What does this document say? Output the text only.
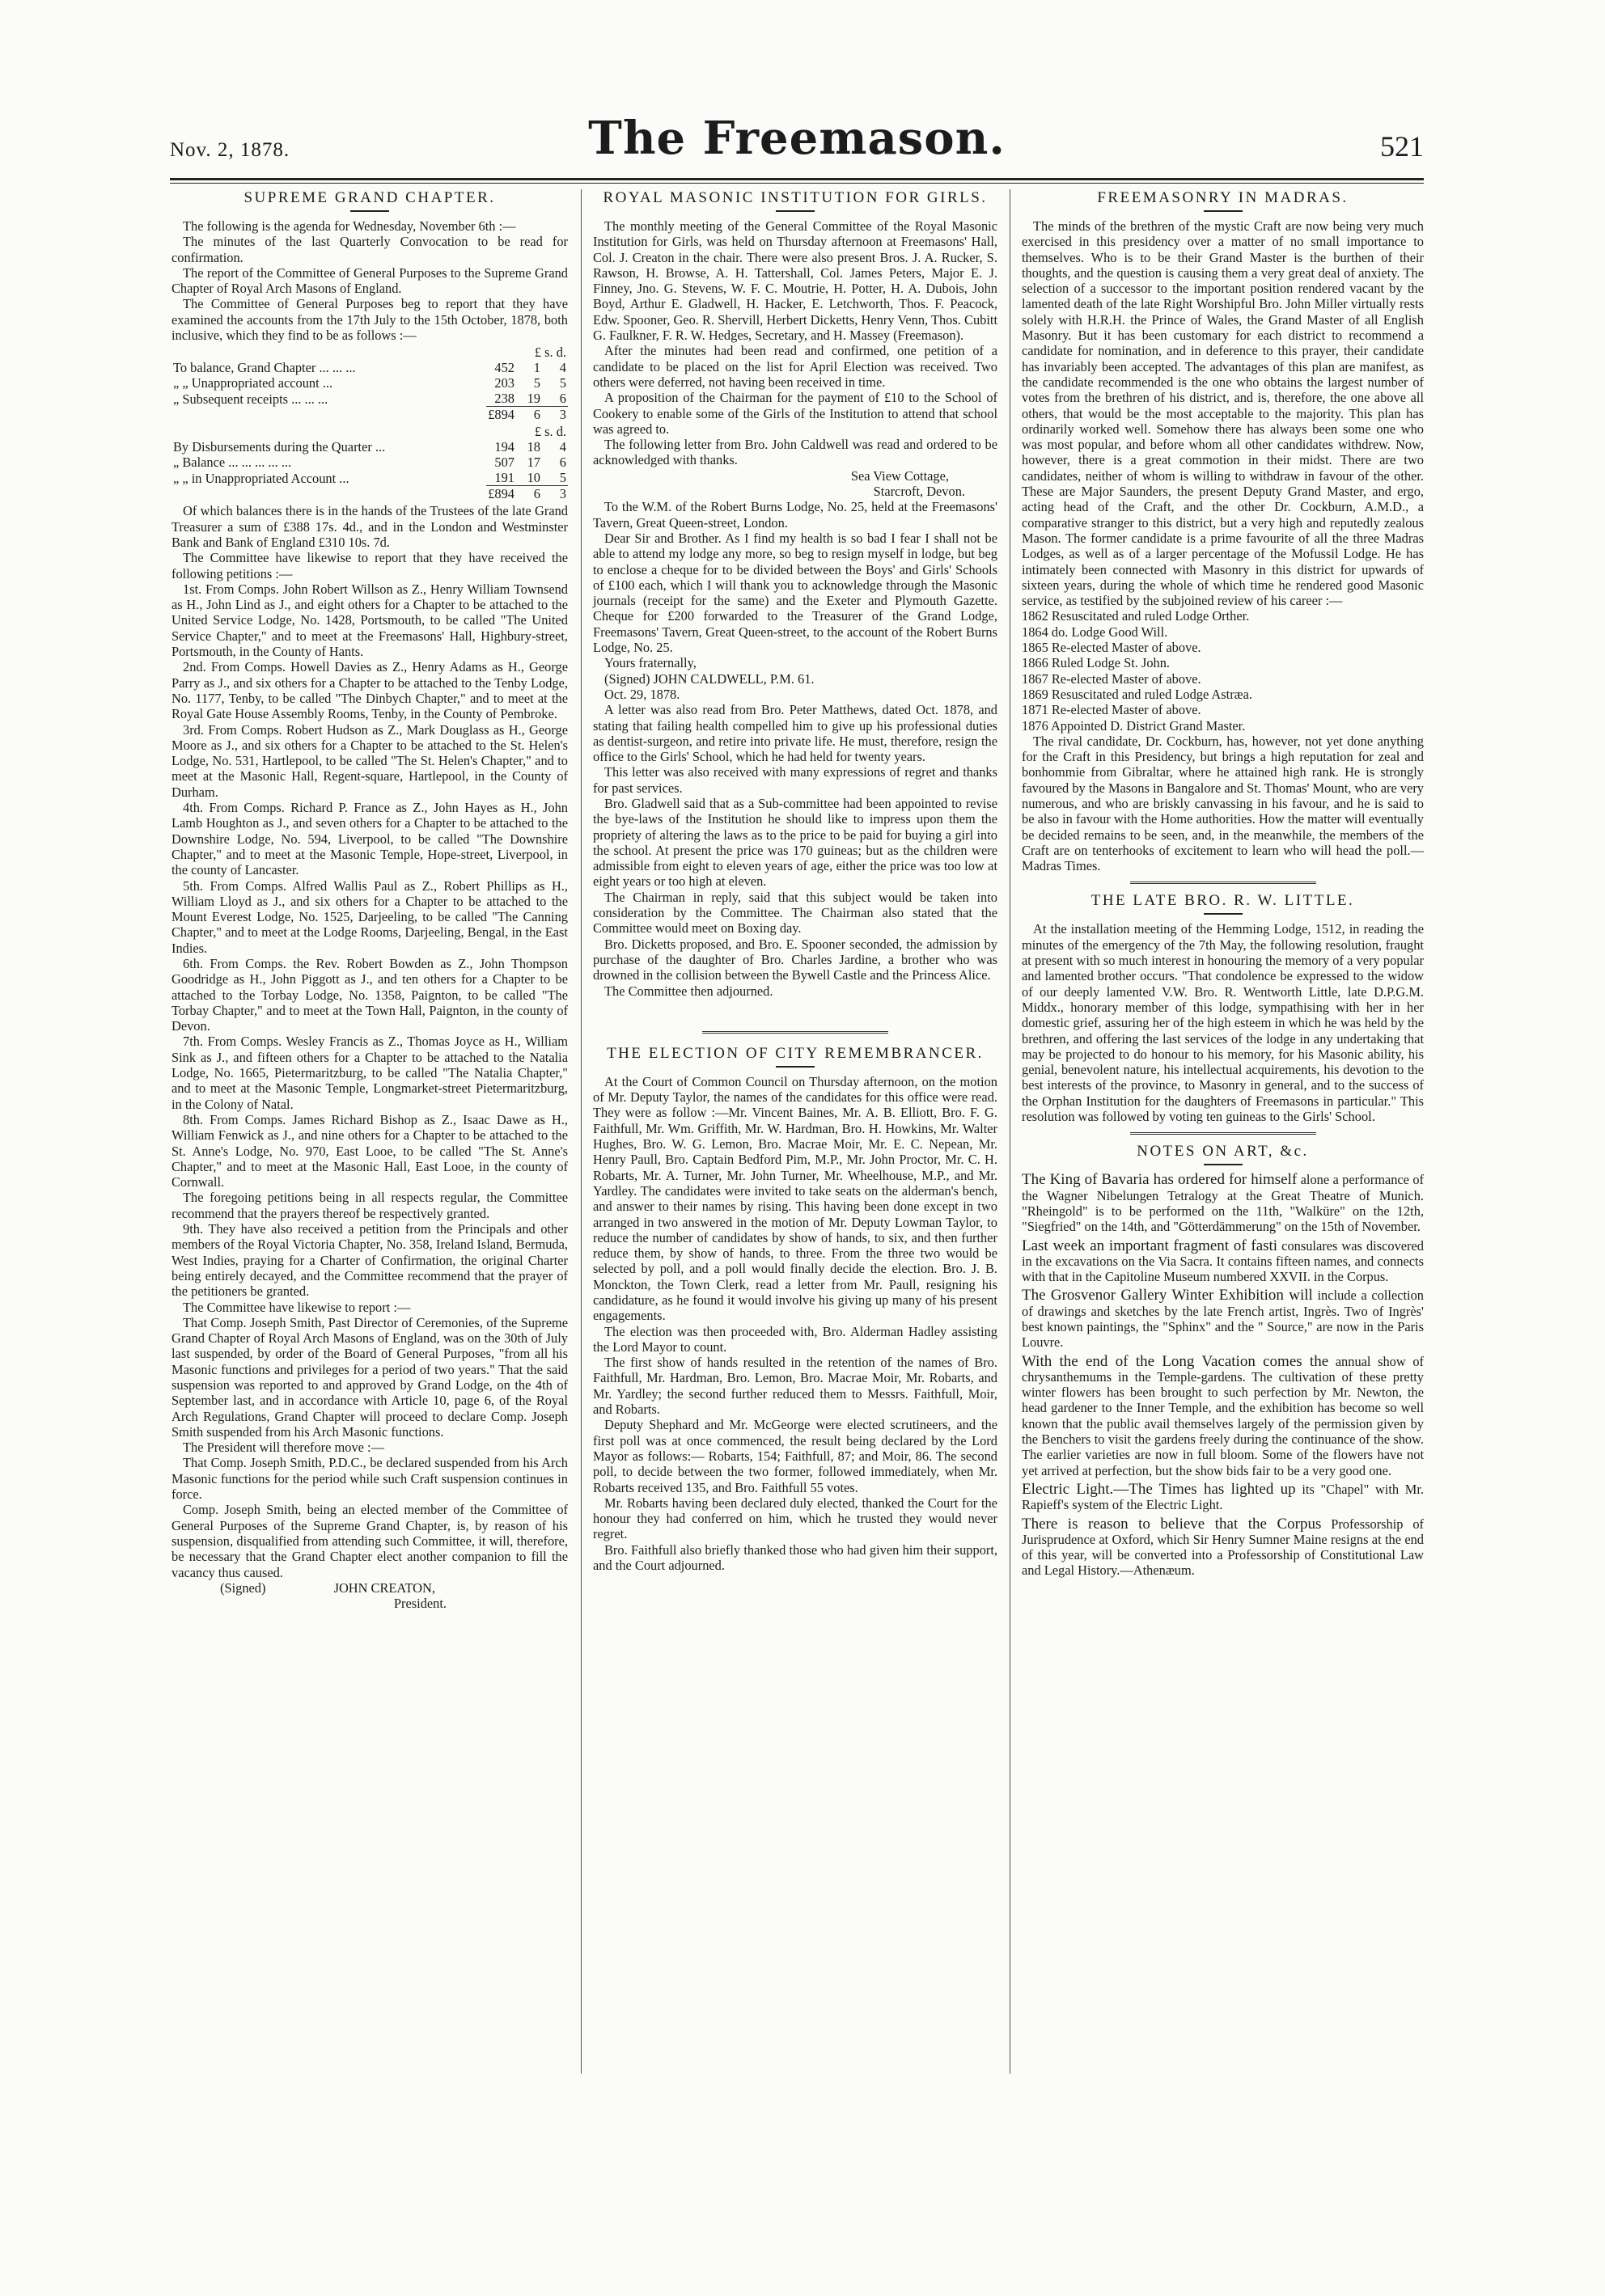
Nov. 2, 1878.	The Freemason.	521
SUPREME GRAND CHAPTER.

The following is the agenda for Wednesday, November 6th :—

The minutes of the last Quarterly Convocation to be read for confirmation.

The report of the Committee of General Purposes to the Supreme Grand Chapter of Royal Arch Masons of England.

The Committee of General Purposes beg to report that they have examined the accounts from the 17th July to the 15th October, 1878, both inclusive, which they find to be as follows :—

	£ s. d.		
To balance, Grand Chapter ... ... ...	452	1	4
„ „ Unappropriated account ...	203	5	5
„ Subsequent receipts ... ... ...	238	19	6
	£894	6	3
	£ s. d.		
By Disbursements during the Quarter ...	194	18	4
„ Balance ... ... ... ... ...	507	17	6
„ „ in Unappropriated Account ...	191	10	5
	£894	6	3

Of which balances there is in the hands of the Trustees of the late Grand Treasurer a sum of £388 17s. 4d., and in the London and Westminster Bank and Bank of England £310 10s. 7d.

The Committee have likewise to report that they have received the following petitions :—

1st. From Comps. John Robert Willson as Z., Henry William Townsend as H., John Lind as J., and eight others for a Chapter to be attached to the United Service Lodge, No. 1428, Portsmouth, to be called "The United Service Chapter," and to meet at the Freemasons' Hall, Highbury-street, Portsmouth, in the County of Hants.

2nd. From Comps. Howell Davies as Z., Henry Adams as H., George Parry as J., and six others for a Chapter to be attached to the Tenby Lodge, No. 1177, Tenby, to be called "The Dinbych Chapter," and to meet at the Royal Gate House Assembly Rooms, Tenby, in the County of Pembroke.

3rd. From Comps. Robert Hudson as Z., Mark Douglass as H., George Moore as J., and six others for a Chapter to be attached to the St. Helen's Lodge, No. 531, Hartlepool, to be called "The St. Helen's Chapter," and to meet at the Masonic Hall, Regent-square, Hartlepool, in the County of Durham.

4th. From Comps. Richard P. France as Z., John Hayes as H., John Lamb Houghton as J., and seven others for a Chapter to be attached to the Downshire Lodge, No. 594, Liverpool, to be called "The Downshire Chapter," and to meet at the Masonic Temple, Hope-street, Liverpool, in the county of Lancaster.

5th. From Comps. Alfred Wallis Paul as Z., Robert Phillips as H., William Lloyd as J., and six others for a Chapter to be attached to the Mount Everest Lodge, No. 1525, Darjeeling, to be called "The Canning Chapter," and to meet at the Lodge Rooms, Darjeeling, Bengal, in the East Indies.

6th. From Comps. the Rev. Robert Bowden as Z., John Thompson Goodridge as H., John Piggott as J., and ten others for a Chapter to be attached to the Torbay Lodge, No. 1358, Paignton, to be called "The Torbay Chapter," and to meet at the Town Hall, Paignton, in the county of Devon.

7th. From Comps. Wesley Francis as Z., Thomas Joyce as H., William Sink as J., and fifteen others for a Chapter to be attached to the Natalia Lodge, No. 1665, Pietermaritzburg, to be called "The Natalia Chapter," and to meet at the Masonic Temple, Longmarket-street Pietermaritzburg, in the Colony of Natal.

8th. From Comps. James Richard Bishop as Z., Isaac Dawe as H., William Fenwick as J., and nine others for a Chapter to be attached to the St. Anne's Lodge, No. 970, East Looe, to be called "The St. Anne's Chapter," and to meet at the Masonic Hall, East Looe, in the county of Cornwall.

The foregoing petitions being in all respects regular, the Committee recommend that the prayers thereof be respectively granted.

9th. They have also received a petition from the Principals and other members of the Royal Victoria Chapter, No. 358, Ireland Island, Bermuda, West Indies, praying for a Charter of Confirmation, the original Charter being entirely decayed, and the Committee recommend that the prayer of the petitioners be granted.

The Committee have likewise to report :—

That Comp. Joseph Smith, Past Director of Ceremonies, of the Supreme Grand Chapter of Royal Arch Masons of England, was on the 30th of July last suspended, by order of the Board of General Purposes, "from all his Masonic functions and privileges for a period of two years." That the said suspension was reported to and approved by Grand Lodge, on the 4th of September last, and in accordance with Article 10, page 6, of the Royal Arch Regulations, Grand Chapter will proceed to declare Comp. Joseph Smith suspended from his Arch Masonic functions.

The President will therefore move :—

That Comp. Joseph Smith, P.D.C., be declared suspended from his Arch Masonic functions for the period while such Craft suspension continues in force.

Comp. Joseph Smith, being an elected member of the Committee of General Purposes of the Supreme Grand Chapter, is, by reason of his suspension, disqualified from attending such Committee, it will, therefore, be necessary that the Grand Chapter elect another companion to fill the vacancy thus caused.

(Signed)	JOHN CREATON,

President.

ROYAL MASONIC INSTITUTION FOR GIRLS.

The monthly meeting of the General Committee of the Royal Masonic Institution for Girls, was held on Thursday afternoon at Freemasons' Hall, Col. J. Creaton in the chair. There were also present Bros. J. A. Rucker, S. Rawson, H. Browse, A. H. Tattershall, Col. James Peters, Major E. J. Finney, Jno. G. Stevens, W. F. C. Moutrie, H. Potter, H. A. Dubois, John Boyd, Arthur E. Gladwell, H. Hacker, E. Letchworth, Thos. F. Peacock, Edw. Spooner, Geo. R. Shervill, Herbert Dicketts, Henry Venn, Thos. Cubitt G. Faulkner, F. R. W. Hedges, Secretary, and H. Massey (Freemason).

After the minutes had been read and confirmed, one petition of a candidate to be placed on the list for April Election was received. Two others were deferred, not having been received in time.

A proposition of the Chairman for the payment of £10 to the School of Cookery to enable some of the Girls of the Institution to attend that school was agreed to.

The following letter from Bro. John Caldwell was read and ordered to be acknowledged with thanks.

Sea View Cottage,

Starcroft, Devon.

To the W.M. of the Robert Burns Lodge, No. 25, held at the Freemasons' Tavern, Great Queen-street, London.

Dear Sir and Brother. As I find my health is so bad I fear I shall not be able to attend my lodge any more, so beg to resign myself in lodge, but beg to enclose a cheque for to be divided between the Boys' and Girls' Schools of £100 each, which I will thank you to acknowledge through the Masonic journals (receipt for the same) and the Exeter and Plymouth Gazette. Cheque for £200 forwarded to the Treasurer of the Grand Lodge, Freemasons' Tavern, Great Queen-street, to the account of the Robert Burns Lodge, No. 25.

Yours fraternally,

(Signed) JOHN CALDWELL, P.M. 61.

Oct. 29, 1878.

A letter was also read from Bro. Peter Matthews, dated Oct. 1878, and stating that failing health compelled him to give up his professional duties as dentist-surgeon, and retire into private life. He must, therefore, resign the office to the Girls' School, which he had held for twenty years.

This letter was also received with many expressions of regret and thanks for past services.

Bro. Gladwell said that as a Sub-committee had been appointed to revise the bye-laws of the Institution he should like to impress upon them the propriety of altering the laws as to the price to be paid for buying a girl into the school. At present the price was 170 guineas; but as the children were admissible from eight to eleven years of age, either the price was too low at eight years or too high at eleven.

The Chairman in reply, said that this subject would be taken into consideration by the Committee. The Chairman also stated that the Committee would meet on Boxing day.

Bro. Dicketts proposed, and Bro. E. Spooner seconded, the admission by purchase of the daughter of Bro. Charles Jardine, a brother who was drowned in the collision between the Bywell Castle and the Princess Alice.

The Committee then adjourned.

THE ELECTION OF CITY REMEMBRANCER.

At the Court of Common Council on Thursday afternoon, on the motion of Mr. Deputy Taylor, the names of the candidates for this office were read. They were as follow :—Mr. Vincent Baines, Mr. A. B. Elliott, Bro. F. G. Faithfull, Mr. Wm. Griffith, Mr. W. Hardman, Bro. H. Howkins, Mr. Walter Hughes, Bro. W. G. Lemon, Bro. Macrae Moir, Mr. E. C. Nepean, Mr. Henry Paull, Bro. Captain Bedford Pim, M.P., Mr. John Proctor, Mr. C. H. Robarts, Mr. A. Turner, Mr. John Turner, Mr. Wheelhouse, M.P., and Mr. Yardley. The candidates were invited to take seats on the alderman's bench, and answer to their names by rising. This having been done except in two arranged in two answered in the motion of Mr. Deputy Lowman Taylor, to reduce the number of candidates by show of hands, to six, and then further reduce them, by show of hands, to three. From the three two would be selected by poll, and a poll would finally decide the election. Bro. J. B. Monckton, the Town Clerk, read a letter from Mr. Paull, resigning his candidature, as he found it would involve his giving up many of his present engagements.

The election was then proceeded with, Bro. Alderman Hadley assisting the Lord Mayor to count.

The first show of hands resulted in the retention of the names of Bro. Faithfull, Mr. Hardman, Bro. Lemon, Bro. Macrae Moir, Mr. Robarts, and Mr. Yardley; the second further reduced them to Messrs. Faithfull, Moir, and Robarts.

Deputy Shephard and Mr. McGeorge were elected scrutineers, and the first poll was at once commenced, the result being declared by the Lord Mayor as follows:— Robarts, 154; Faithfull, 87; and Moir, 86. The second poll, to decide between the two former, followed immediately, when Mr. Robarts received 135, and Bro. Faithfull 55 votes.

Mr. Robarts having been declared duly elected, thanked the Court for the honour they had conferred on him, which he trusted they would never regret.

Bro. Faithfull also briefly thanked those who had given him their support, and the Court adjourned.

FREEMASONRY IN MADRAS.

The minds of the brethren of the mystic Craft are now being very much exercised in this presidency over a matter of no small importance to themselves. Who is to be their Grand Master is the burthen of their thoughts, and the question is causing them a very great deal of anxiety. The selection of a successor to the important position rendered vacant by the lamented death of the late Right Worshipful Bro. John Miller virtually rests solely with H.R.H. the Prince of Wales, the Grand Master of all English Masonry. But it has been customary for each district to recommend a candidate for nomination, and in deference to this prayer, their candidate has invariably been accepted. The advantages of this plan are manifest, as the candidate recommended is the one who obtains the largest number of votes from the brethren of his district, and is, therefore, the one above all others, that would be the most acceptable to the majority. This plan has ordinarily worked well. Somehow there has always been some one who was most popular, and before whom all other candidates withdrew. Now, however, there is a great commotion in their midst. There are two candidates, neither of whom is willing to withdraw in favour of the other. These are Major Saunders, the present Deputy Grand Master, and ergo, acting head of the Craft, and the other Dr. Cockburn, A.M.D., a comparative stranger to this district, but a very high and reputedly zealous Mason. The former candidate is a prime favourite of all the three Madras Lodges, as well as of a larger percentage of the Mofussil Lodge. He has intimately been connected with Masonry in this district for upwards of sixteen years, during the whole of which time he rendered good Masonic service, as testified by the subjoined review of his career :—

1862 Resuscitated and ruled Lodge Orther.

1864 do. Lodge Good Will.

1865 Re-elected Master of above.

1866 Ruled Lodge St. John.

1867 Re-elected Master of above.

1869 Resuscitated and ruled Lodge Astræa.

1871 Re-elected Master of above.

1876 Appointed D. District Grand Master.

The rival candidate, Dr. Cockburn, has, however, not yet done anything for the Craft in this Presidency, but brings a high reputation for zeal and bonhommie from Gibraltar, where he attained high rank. He is strongly favoured by the Masons in Bangalore and St. Thomas' Mount, who are very numerous, and who are briskly canvassing in his favour, and he is said to be also in favour with the Home authorities. How the matter will eventually be decided remains to be seen, and, in the meanwhile, the members of the Craft are on tenterhooks of excitement to learn who will head the poll.—Madras Times.

THE LATE BRO. R. W. LITTLE.

At the installation meeting of the Hemming Lodge, 1512, in reading the minutes of the emergency of the 7th May, the following resolution, fraught at present with so much interest in honouring the memory of a very popular and lamented brother occurs. "That condolence be expressed to the widow of our deeply lamented V.W. Bro. R. Wentworth Little, late D.P.G.M. Middx., honorary member of this lodge, sympathising with her in her domestic grief, assuring her of the high esteem in which he was held by the brethren, and offering the last services of the lodge in any undertaking that may be projected to do honour to his memory, for his Masonic ability, his genial, benevolent nature, his intellectual acquirements, his devotion to the best interests of the province, to Masonry in general, and to the success of the Orphan Institution for the daughters of Freemasons in particular." This resolution was followed by voting ten guineas to the Girls' School.

NOTES ON ART, &c.

The King of Bavaria has ordered for himself alone a performance of the Wagner Nibelungen Tetralogy at the Great Theatre of Munich. "Rheingold" is to be performed on the 11th, "Walküre" on the 12th, "Siegfried" on the 14th, and "Götterdämmerung" on the 15th of November.

Last week an important fragment of fasti consulares was discovered in the excavations on the Via Sacra. It contains fifteen names, and connects with that in the Capitoline Museum numbered XXVII. in the Corpus.

The Grosvenor Gallery Winter Exhibition will include a collection of drawings and sketches by the late French artist, Ingrès. Two of Ingrès' best known paintings, the "Sphinx" and the " Source," are now in the Paris Louvre.

With the end of the Long Vacation comes the annual show of chrysanthemums in the Temple-gardens. The cultivation of these pretty winter flowers has been brought to such perfection by Mr. Newton, the head gardener to the Inner Temple, and the exhibition has become so well known that the public avail themselves largely of the permission given by the Benchers to visit the gardens freely during the continuance of the show. The earlier varieties are now in full bloom. Some of the flowers have not yet arrived at perfection, but the show bids fair to be a very good one.

Electric Light.—The Times has lighted up its "Chapel" with Mr. Rapieff's system of the Electric Light.

There is reason to believe that the Corpus Professorship of Jurisprudence at Oxford, which Sir Henry Sumner Maine resigns at the end of this year, will be converted into a Professorship of Constitutional Law and Legal History.—Athenæum.
